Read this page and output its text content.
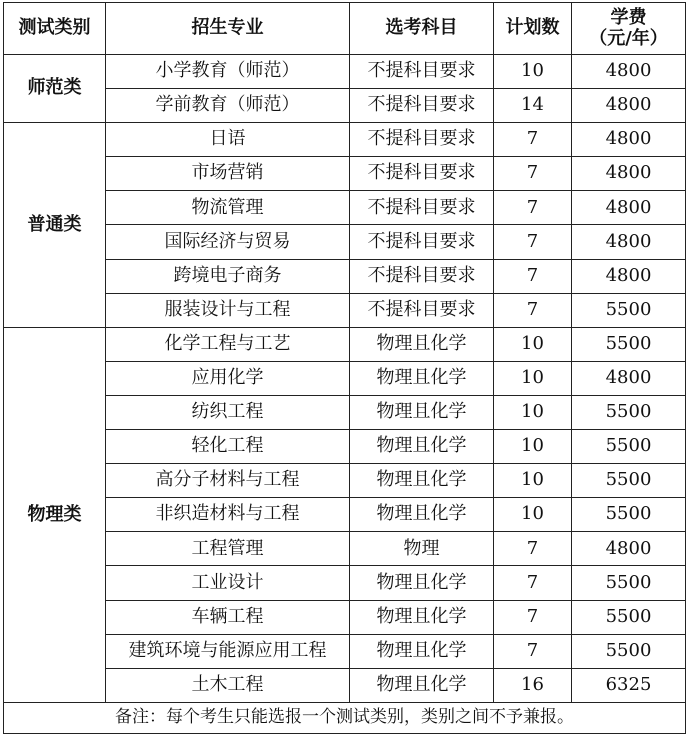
测试类别	招生专业	选考科目	计划数	学费
（元/年）

师范类	小学教育（师范）	不提科目要求	10	4800
	学前教育（师范）	不提科目要求	14	4800
普通类	日语	不提科目要求	7	4800
	市场营销	不提科目要求	7	4800
	物流管理	不提科目要求	7	4800
	国际经济与贸易	不提科目要求	7	4800
	跨境电子商务	不提科目要求	7	4800
	服装设计与工程	不提科目要求	7	5500
物理类	化学工程与工艺	物理且化学	10	5500
	应用化学	物理且化学	10	4800
	纺织工程	物理且化学	10	5500
	轻化工程	物理且化学	10	5500
	高分子材料与工程	物理且化学	10	5500
	非织造材料与工程	物理且化学	10	5500
	工程管理	物理	7	4800
	工业设计	物理且化学	7	5500
	车辆工程	物理且化学	7	5500
	建筑环境与能源应用工程	物理且化学	7	5500
	土木工程	物理且化学	16	6325
备注：每个考生只能选报一个测试类别，类别之间不予兼报。				
